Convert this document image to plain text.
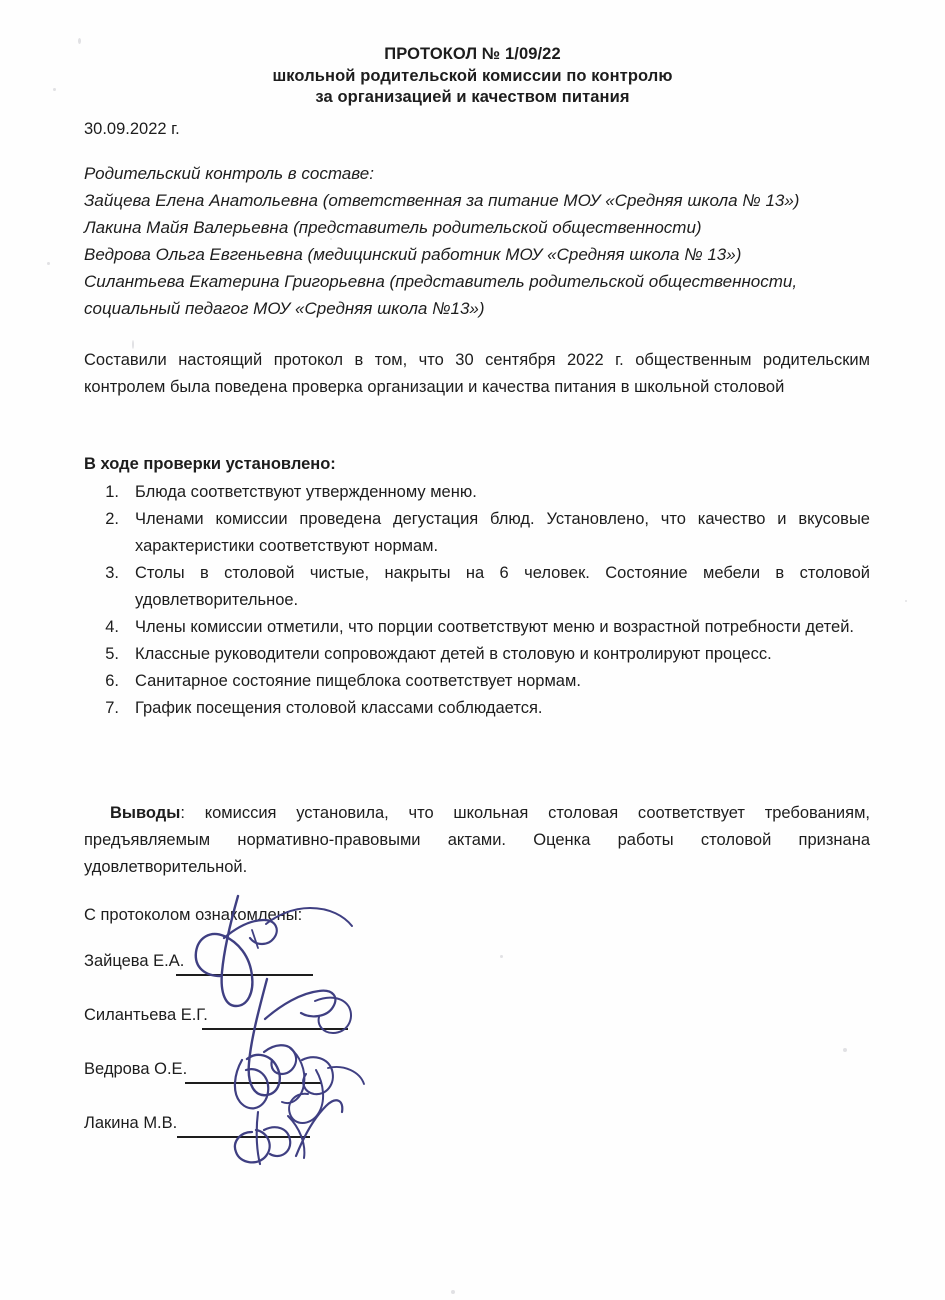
ПРОТОКОЛ № 1/09/22
школьной родительской комиссии по контролю
за организацией и качеством питания
30.09.2022 г.

Родительский контроль в составе:

Зайцева Елена Анатольевна (ответственная за питание МОУ «Средняя школа № 13»)

Лакина Майя Валерьевна (представитель родительской общественности)

Ведрова Ольга Евгеньевна (медицинский работник МОУ «Средняя школа № 13»)

Силантьева Екатерина Григорьевна (представитель родительской общественности, социальный педагог МОУ «Средняя школа №13»)

Составили настоящий протокол в том, что 30 сентября 2022 г. общественным родительским контролем была поведена проверка организации и качества питания в школьной столовой

В ходе проверки установлено:
1. Блюда соответствуют утвержденному меню.
2. Членами комиссии проведена дегустация блюд. Установлено, что качество и вкусовые характеристики соответствуют нормам.
3. Столы в столовой чистые, накрыты на 6 человек. Состояние мебели в столовой удовлетворительное.
4. Члены комиссии отметили, что порции соответствуют меню и возрастной потребности детей.
5. Классные руководители сопровождают детей в столовую и контролируют процесс.
6. Санитарное состояние пищеблока соответствует нормам.
7. График посещения столовой классами соблюдается.
Выводы: комиссия установила, что школьная столовая соответствует требованиям, предъявляемым нормативно-правовыми актами. Оценка работы столовой признана удовлетворительной.
С протоколом ознакомлены:
Зайцева Е.А.
Силантьева Е.Г.
Ведрова О.Е.
Лакина М.В.
